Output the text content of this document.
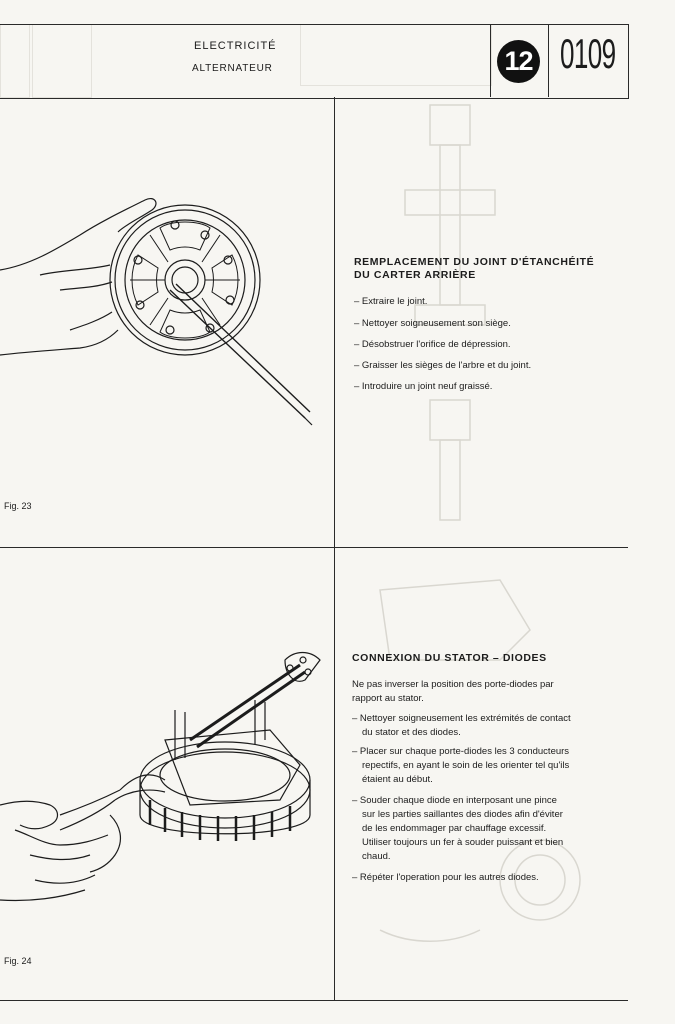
ELECTRICITÉ
ALTERNATEUR	12 0109
Fig. 23
REMPLACEMENT DU JOINT D'ÉTANCHÉITÉ
DU CARTER ARRIÈRE
– Extraire le joint.
– Nettoyer soigneusement son siège.
– Désobstruer l'orifice de dépression.
– Graisser les sièges de l'arbre et du joint.
– Introduire un joint neuf graissé.
Fig. 24
CONNEXION DU STATOR – DIODES
Ne pas inverser la position des porte-diodes par
rapport au stator.
– Nettoyer soigneusement les extrémités de contact
du stator et des diodes.
– Placer sur chaque porte-diodes les 3 conducteurs
repectifs, en ayant le soin de les orienter tel qu'ils
étaient au début.
– Souder chaque diode en interposant une pince
sur les parties saillantes des diodes afin d'éviter
de les endommager par chauffage excessif.
Utiliser toujours un fer à souder puissant et bien
chaud.
– Répéter l'operation pour les autres diodes.
